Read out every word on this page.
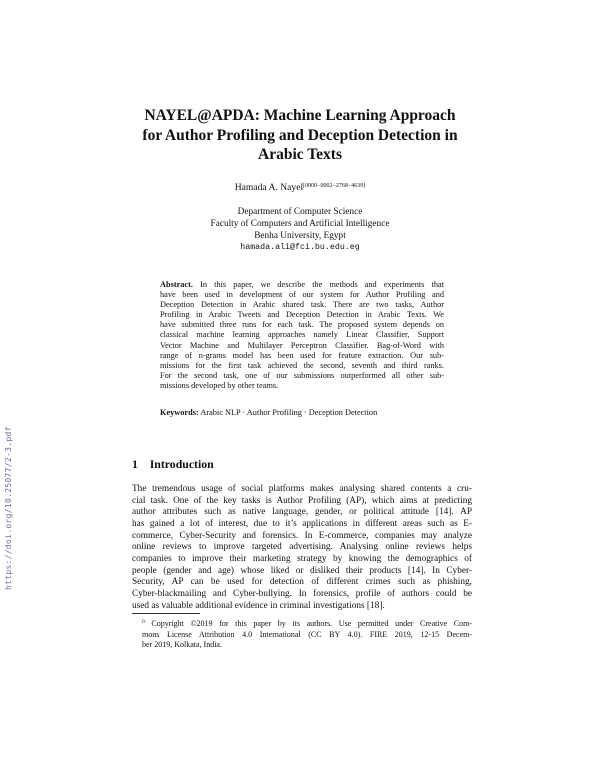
NAYEL@APDA: Machine Learning Approach
for Author Profiling and Deception Detection in
Arabic Texts
Hamada A. Nayel[0000−0002−2768−4639]
Department of Computer Science
Faculty of Computers and Artificial Intelligence
Benha University, Egypt
hamada.ali@fci.bu.edu.eg
Abstract. In this paper, we describe the methods and experiments that
have been used in development of our system for Author Profiling and
Deception Detection in Arabic shared task. There are two tasks, Author
Profiling in Arabic Tweets and Deception Detection in Arabic Texts. We
have submitted three runs for each task. The proposed system depends on
classical machine learning approaches namely Linear Classifier, Support
Vector Machine and Multilayer Perceptron Classifier. Bag-of-Word with
range of n-grams model has been used for feature extraction. Our sub-
missions for the first task achieved the second, seventh and third ranks.
For the second task, one of our submissions outperformed all other sub-
missions developed by other teams.
Keywords: Arabic NLP · Author Profiling · Deception Detection
1  Introduction
The tremendous usage of social platforms makes analysing shared contents a cru-
cial task. One of the key tasks is Author Profiling (AP), which aims at predicting
author attributes such as native language, gender, or political attitude [14]. AP
has gained a lot of interest, due to it’s applications in different areas such as E-
commerce, Cyber-Security and forensics. In E-commerce, companies may analyze
online reviews to improve targeted advertising. Analysing online reviews helps
companies to improve their marketing strategy by knowing the demographics of
people (gender and age) whose liked or disliked their products [14]. In Cyber-
Security, AP can be used for detection of different crimes such as phishing,
Cyber-blackmailing and Cyber-bullying. In forensics, profile of authors could be
used as valuable additional evidence in criminal investigations [18].
$^0$ Copyright ©2019 for this paper by its authors. Use permitted under Creative Com-
mons License Attribution 4.0 International (CC BY 4.0). FIRE 2019, 12-15 Decem-
ber 2019, Kolkata, India.
https://doi.org/10.25077/2-3.pdf
